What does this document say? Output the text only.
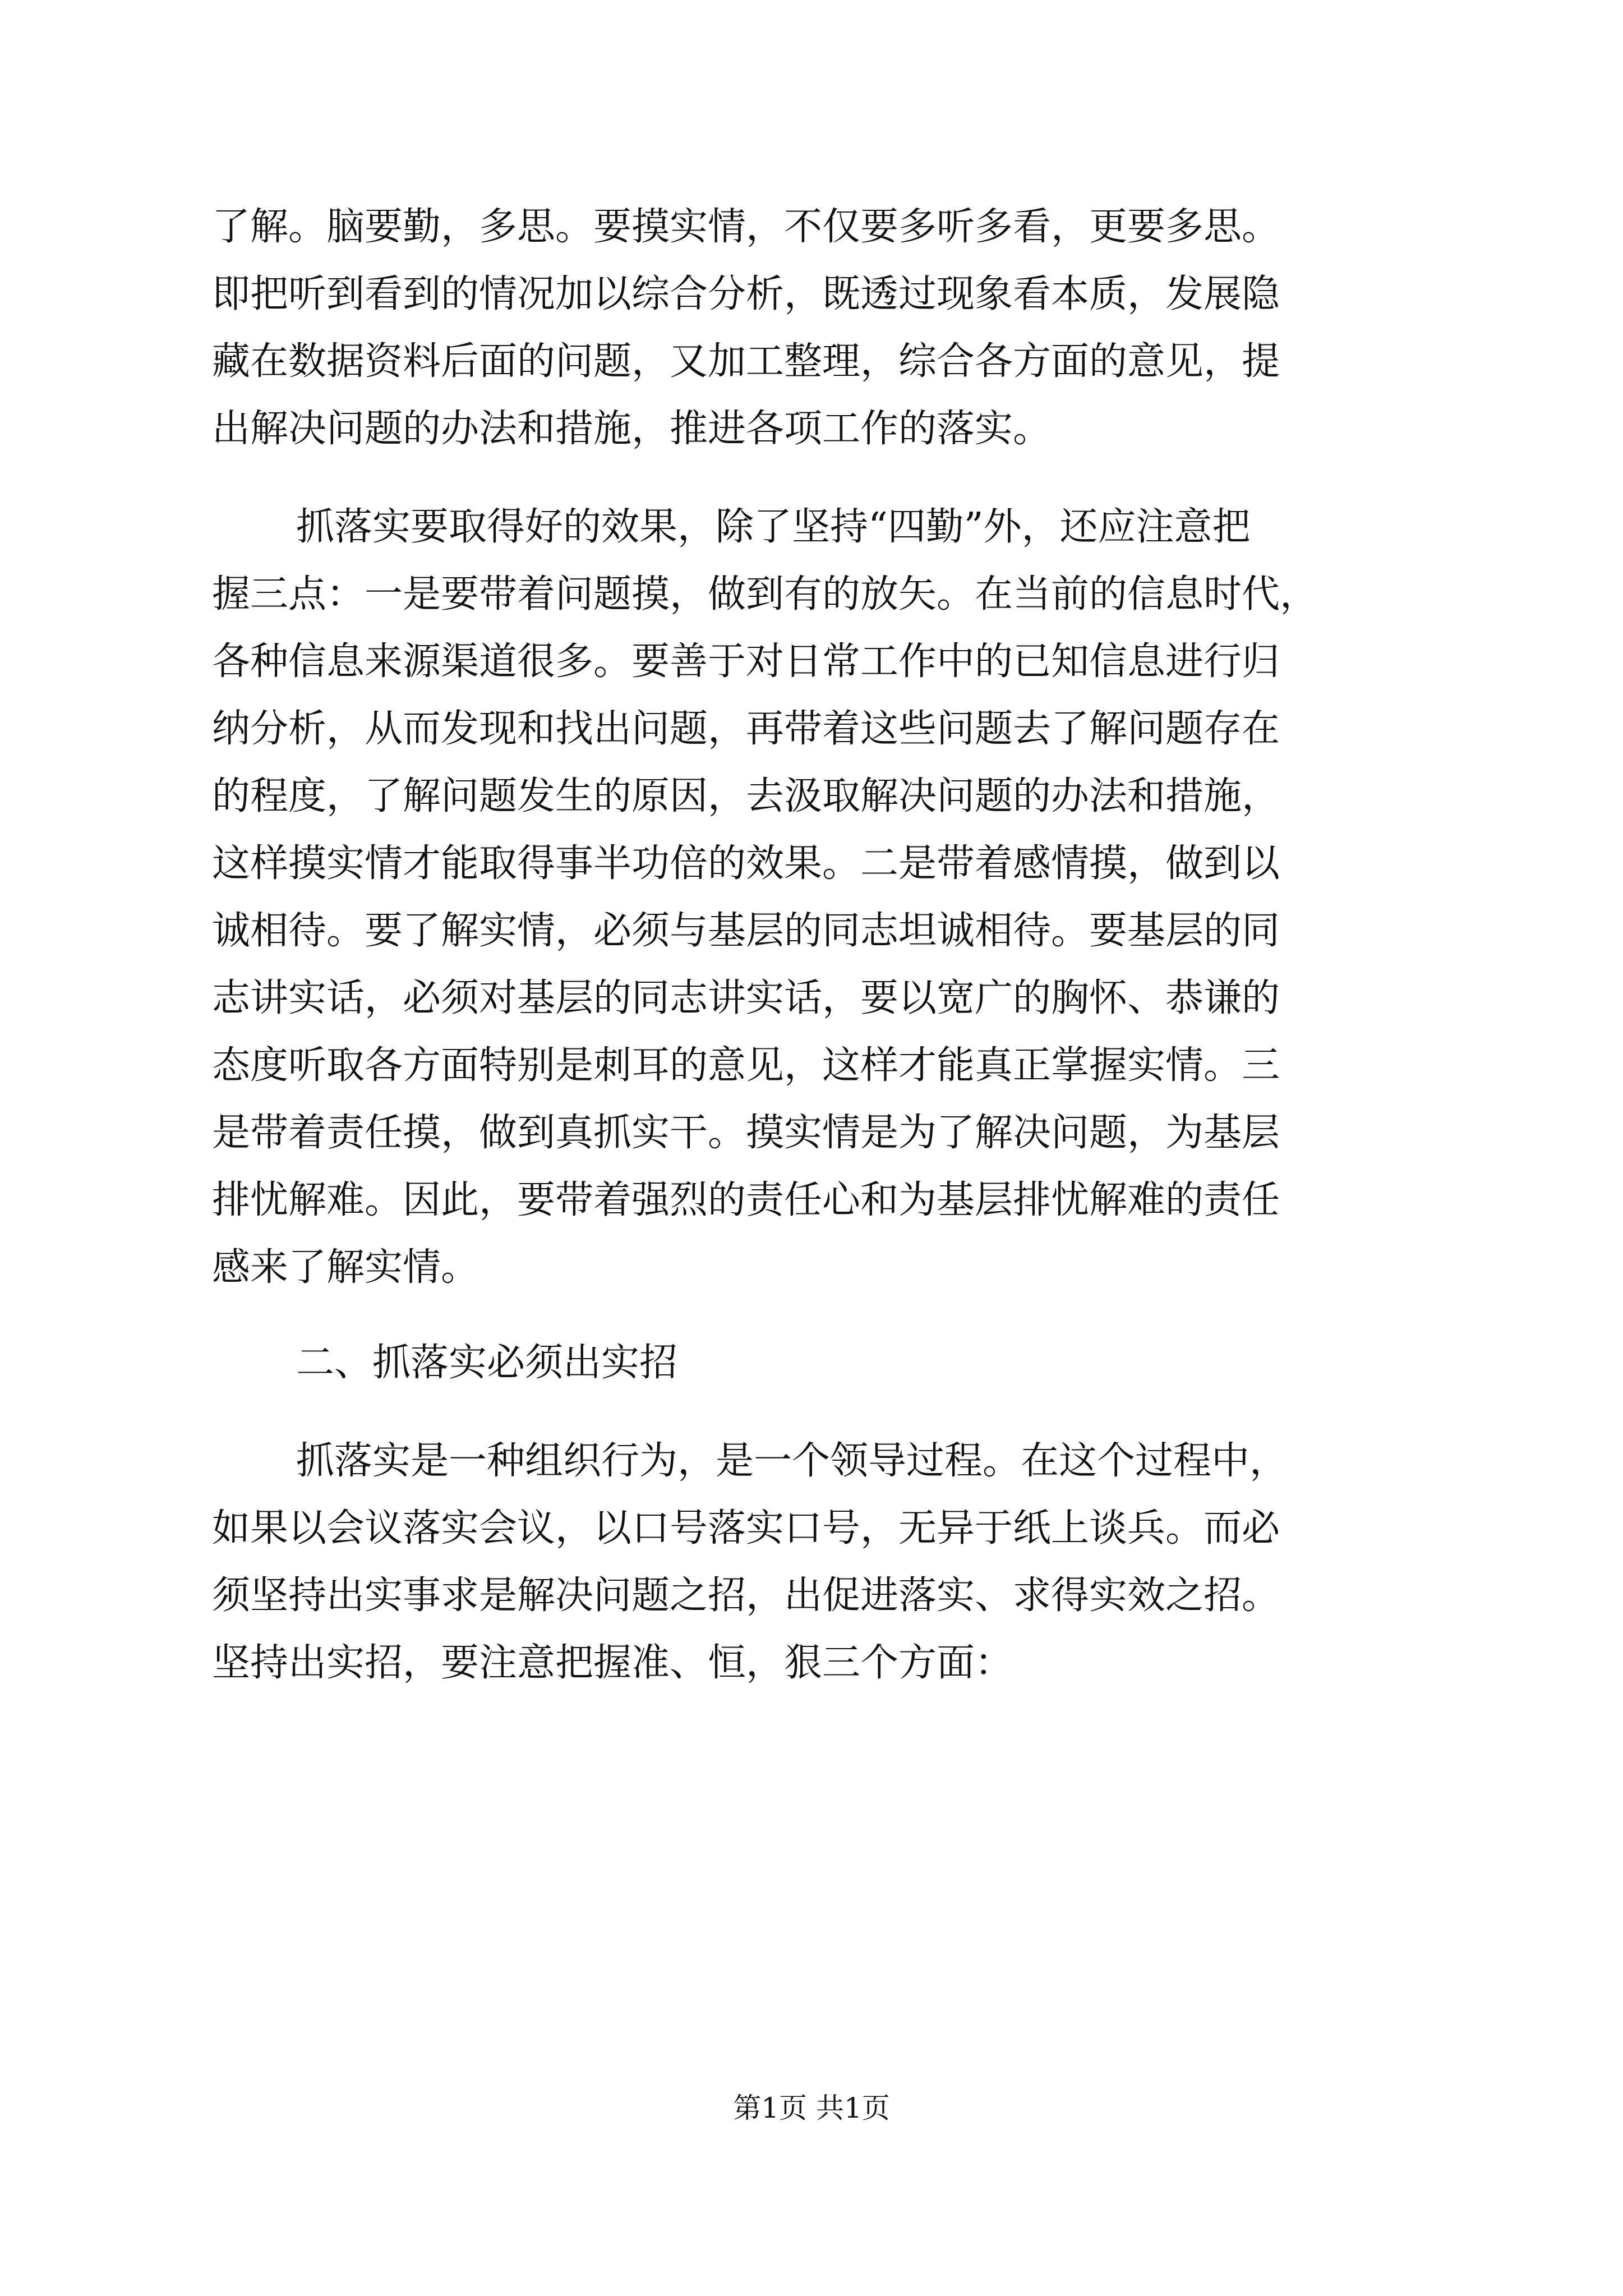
了解。脑要勤，多思。要摸实情，不仅要多听多看，更要多思。
即把听到看到的情况加以综合分析，既透过现象看本质，发展隐
藏在数据资料后面的问题，又加工整理，综合各方面的意见，提
出解决问题的办法和措施，推进各项工作的落实。
抓落实要取得好的效果，除了坚持“四勤”外，还应注意把
握三点：一是要带着问题摸，做到有的放矢。在当前的信息时代，
各种信息来源渠道很多。要善于对日常工作中的已知信息进行归
纳分析，从而发现和找出问题，再带着这些问题去了解问题存在
的程度，了解问题发生的原因，去汲取解决问题的办法和措施，
这样摸实情才能取得事半功倍的效果。二是带着感情摸，做到以
诚相待。要了解实情，必须与基层的同志坦诚相待。要基层的同
志讲实话，必须对基层的同志讲实话，要以宽广的胸怀、恭谦的
态度听取各方面特别是刺耳的意见，这样才能真正掌握实情。三
是带着责任摸，做到真抓实干。摸实情是为了解决问题，为基层
排忧解难。因此，要带着强烈的责任心和为基层排忧解难的责任
感来了解实情。
二、抓落实必须出实招
抓落实是一种组织行为，是一个领导过程。在这个过程中，
如果以会议落实会议，以口号落实口号，无异于纸上谈兵。而必
须坚持出实事求是解决问题之招，出促进落实、求得实效之招。
坚持出实招，要注意把握准、恒，狠三个方面：
第1页 共1页
